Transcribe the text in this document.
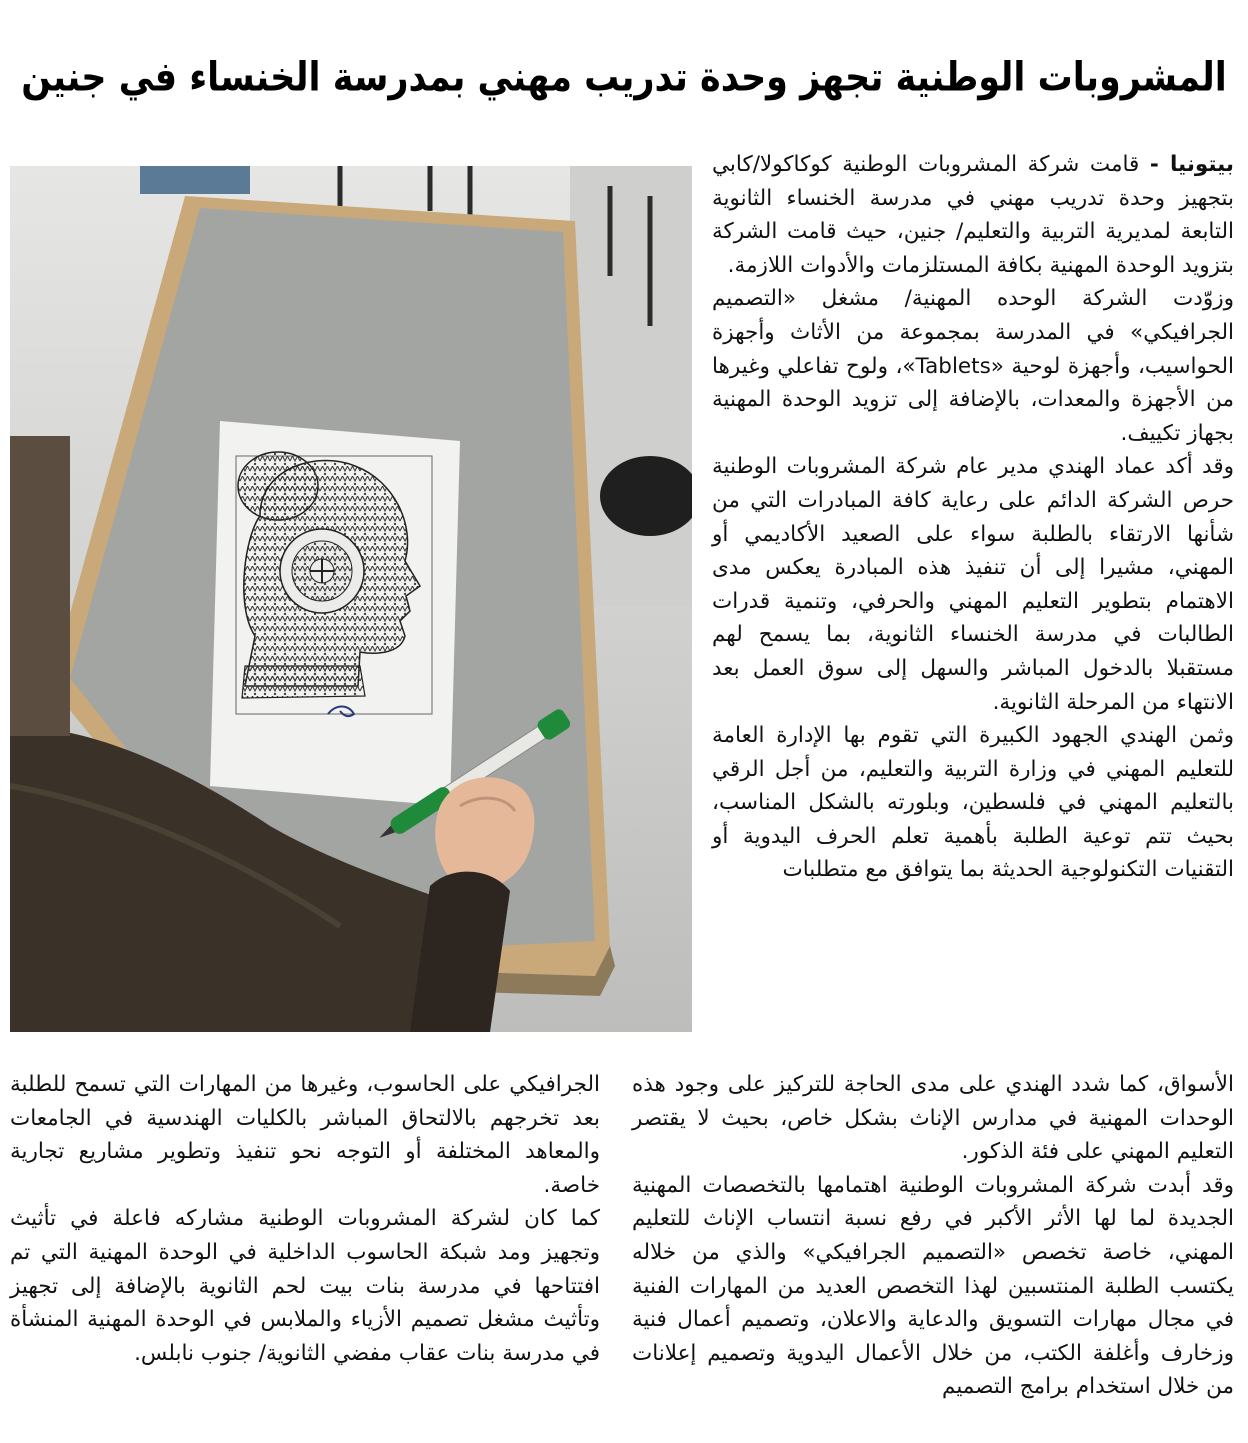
المشروبات الوطنية تجهز وحدة تدريب مهني بمدرسة الخنساء في جنين

بيتونيا - قامت شركة المشروبات الوطنية كوكاكولا/كابي بتجهيز وحدة تدريب مهني في مدرسة الخنساء الثانوية التابعة لمديرية التربية والتعليم/ جنين، حيث قامت الشركة بتزويد الوحدة المهنية بكافة المستلزمات والأدوات اللازمة.

وزوّدت الشركة الوحده المهنية/ مشغل «التصميم الجرافيكي» في المدرسة بمجموعة من الأثاث وأجهزة الحواسيب، وأجهزة لوحية «Tablets»، ولوح تفاعلي وغيرها من الأجهزة والمعدات، بالإضافة إلى تزويد الوحدة المهنية بجهاز تكييف.

وقد أكد عماد الهندي مدير عام شركة المشروبات الوطنية حرص الشركة الدائم على رعاية كافة المبادرات التي من شأنها الارتقاء بالطلبة سواء على الصعيد الأكاديمي أو المهني، مشيرا إلى أن تنفيذ هذه المبادرة يعكس مدى الاهتمام بتطوير التعليم المهني والحرفي، وتنمية قدرات الطالبات في مدرسة الخنساء الثانوية، بما يسمح لهم مستقبلا بالدخول المباشر والسهل إلى سوق العمل بعد الانتهاء من المرحلة الثانوية.

وثمن الهندي الجهود الكبيرة التي تقوم بها الإدارة العامة للتعليم المهني في وزارة التربية والتعليم، من أجل الرقي بالتعليم المهني في فلسطين، وبلورته بالشكل المناسب، بحيث تتم توعية الطلبة بأهمية تعلم الحرف اليدوية أو التقنيات التكنولوجية الحديثة بما يتوافق مع متطلبات

الأسواق، كما شدد الهندي على مدى الحاجة للتركيز على وجود هذه الوحدات المهنية في مدارس الإناث بشكل خاص، بحيث لا يقتصر التعليم المهني على فئة الذكور.

وقد أبدت شركة المشروبات الوطنية اهتمامها بالتخصصات المهنية الجديدة لما لها الأثر الأكبر في رفع نسبة انتساب الإناث للتعليم المهني، خاصة تخصص «التصميم الجرافيكي» والذي من خلاله يكتسب الطلبة المنتسبين لهذا التخصص العديد من المهارات الفنية في مجال مهارات التسويق والدعاية والاعلان، وتصميم أعمال فنية وزخارف وأغلفة الكتب، من خلال الأعمال اليدوية وتصميم إعلانات من خلال استخدام برامج التصميم

الجرافيكي على الحاسوب، وغيرها من المهارات التي تسمح للطلبة بعد تخرجهم بالالتحاق المباشر بالكليات الهندسية في الجامعات والمعاهد المختلفة أو التوجه نحو تنفيذ وتطوير مشاريع تجارية خاصة.

كما كان لشركة المشروبات الوطنية مشاركه فاعلة في تأثيث وتجهيز ومد شبكة الحاسوب الداخلية في الوحدة المهنية التي تم افتتاحها في مدرسة بنات بيت لحم الثانوية بالإضافة إلى تجهيز وتأثيث مشغل تصميم الأزياء والملابس في الوحدة المهنية المنشأة في مدرسة بنات عقاب مفضي الثانوية/ جنوب نابلس.
